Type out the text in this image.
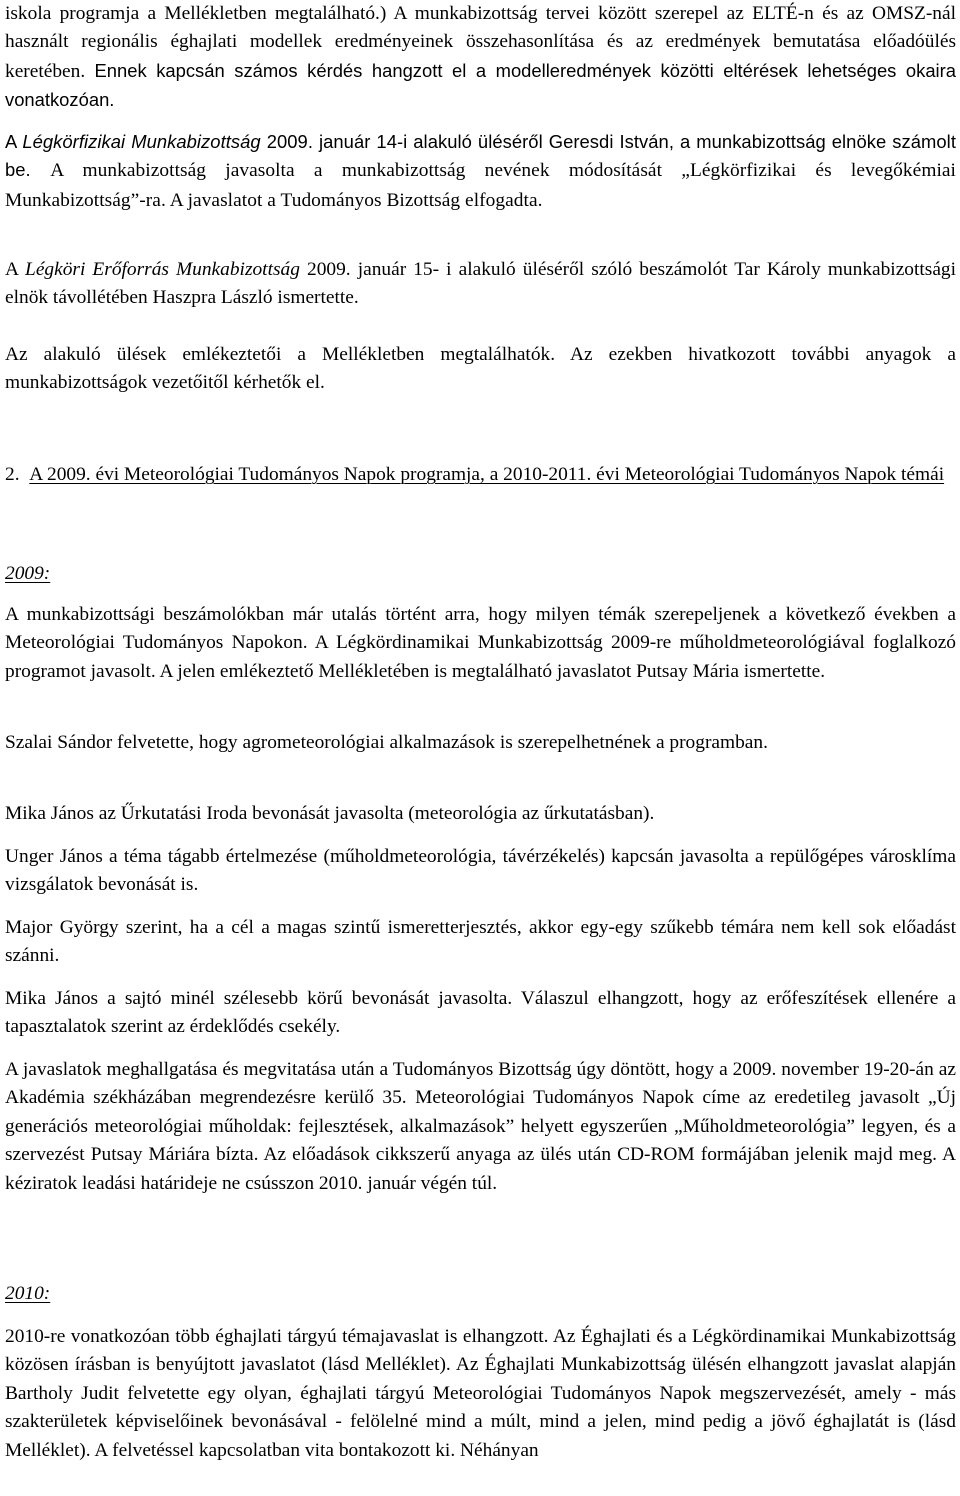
iskola programja a Mellékletben megtalálható.) A munkabizottság tervei között szerepel az ELTÉ-n és az OMSZ-nál használt regionális éghajlati modellek eredményeinek összehasonlítása és az eredmények bemutatása előadóülés keretében. Ennek kapcsán számos kérdés hangzott el a modelleredmények közötti eltérések lehetséges okaira vonatkozóan.

A Légkörfizikai Munkabizottság 2009. január 14-i alakuló üléséről Geresdi István, a munkabizottság elnöke számolt be. A munkabizottság javasolta a munkabizottság nevének módosítását „Légkörfizikai és levegőkémiai Munkabizottság”-ra. A javaslatot a Tudományos Bizottság elfogadta.

A Légköri Erőforrás Munkabizottság 2009. január 15- i alakuló üléséről szóló beszámolót Tar Károly munkabizottsági elnök távollétében Haszpra László ismertette.

Az alakuló ülések emlékeztetői a Mellékletben megtalálhatók. Az ezekben hivatkozott további anyagok a munkabizottságok vezetőitől kérhetők el.

2. A 2009. évi Meteorológiai Tudományos Napok programja, a 2010-2011. évi Meteorológiai Tudományos Napok témái

2009:

A munkabizottsági beszámolókban már utalás történt arra, hogy milyen témák szerepeljenek a következő években a Meteorológiai Tudományos Napokon. A Légkördinamikai Munkabizottság 2009-re műholdmeteorológiával foglalkozó programot javasolt. A jelen emlékeztető Mellékletében is megtalálható javaslatot Putsay Mária ismertette.

Szalai Sándor felvetette, hogy agrometeorológiai alkalmazások is szerepelhetnének a programban.

Mika János az Űrkutatási Iroda bevonását javasolta (meteorológia az űrkutatásban).

Unger János a téma tágabb értelmezése (műholdmeteorológia, távérzékelés) kapcsán javasolta a repülőgépes városklíma vizsgálatok bevonását is.

Major György szerint, ha a cél a magas szintű ismeretterjesztés, akkor egy-egy szűkebb témára nem kell sok előadást szánni.

Mika János a sajtó minél szélesebb körű bevonását javasolta. Válaszul elhangzott, hogy az erőfeszítések ellenére a tapasztalatok szerint az érdeklődés csekély.

A javaslatok meghallgatása és megvitatása után a Tudományos Bizottság úgy döntött, hogy a 2009. november 19-20-án az Akadémia székházában megrendezésre kerülő 35. Meteorológiai Tudományos Napok címe az eredetileg javasolt „Új generációs meteorológiai műholdak: fejlesztések, alkalmazások” helyett egyszerűen „Műholdmeteorológia” legyen, és a szervezést Putsay Máriára bízta. Az előadások cikkszerű anyaga az ülés után CD-ROM formájában jelenik majd meg. A kéziratok leadási határideje ne csússzon 2010. január végén túl.

2010:

2010-re vonatkozóan több éghajlati tárgyú témajavaslat is elhangzott. Az Éghajlati és a Légkördinamikai Munkabizottság közösen írásban is benyújtott javaslatot (lásd Melléklet). Az Éghajlati Munkabizottság ülésén elhangzott javaslat alapján Bartholy Judit felvetette egy olyan, éghajlati tárgyú Meteorológiai Tudományos Napok megszervezését, amely - más szakterületek képviselőinek bevonásával - felölelné mind a múlt, mind a jelen, mind pedig a jövő éghajlatát is (lásd Melléklet). A felvetéssel kapcsolatban vita bontakozott ki. Néhányan
